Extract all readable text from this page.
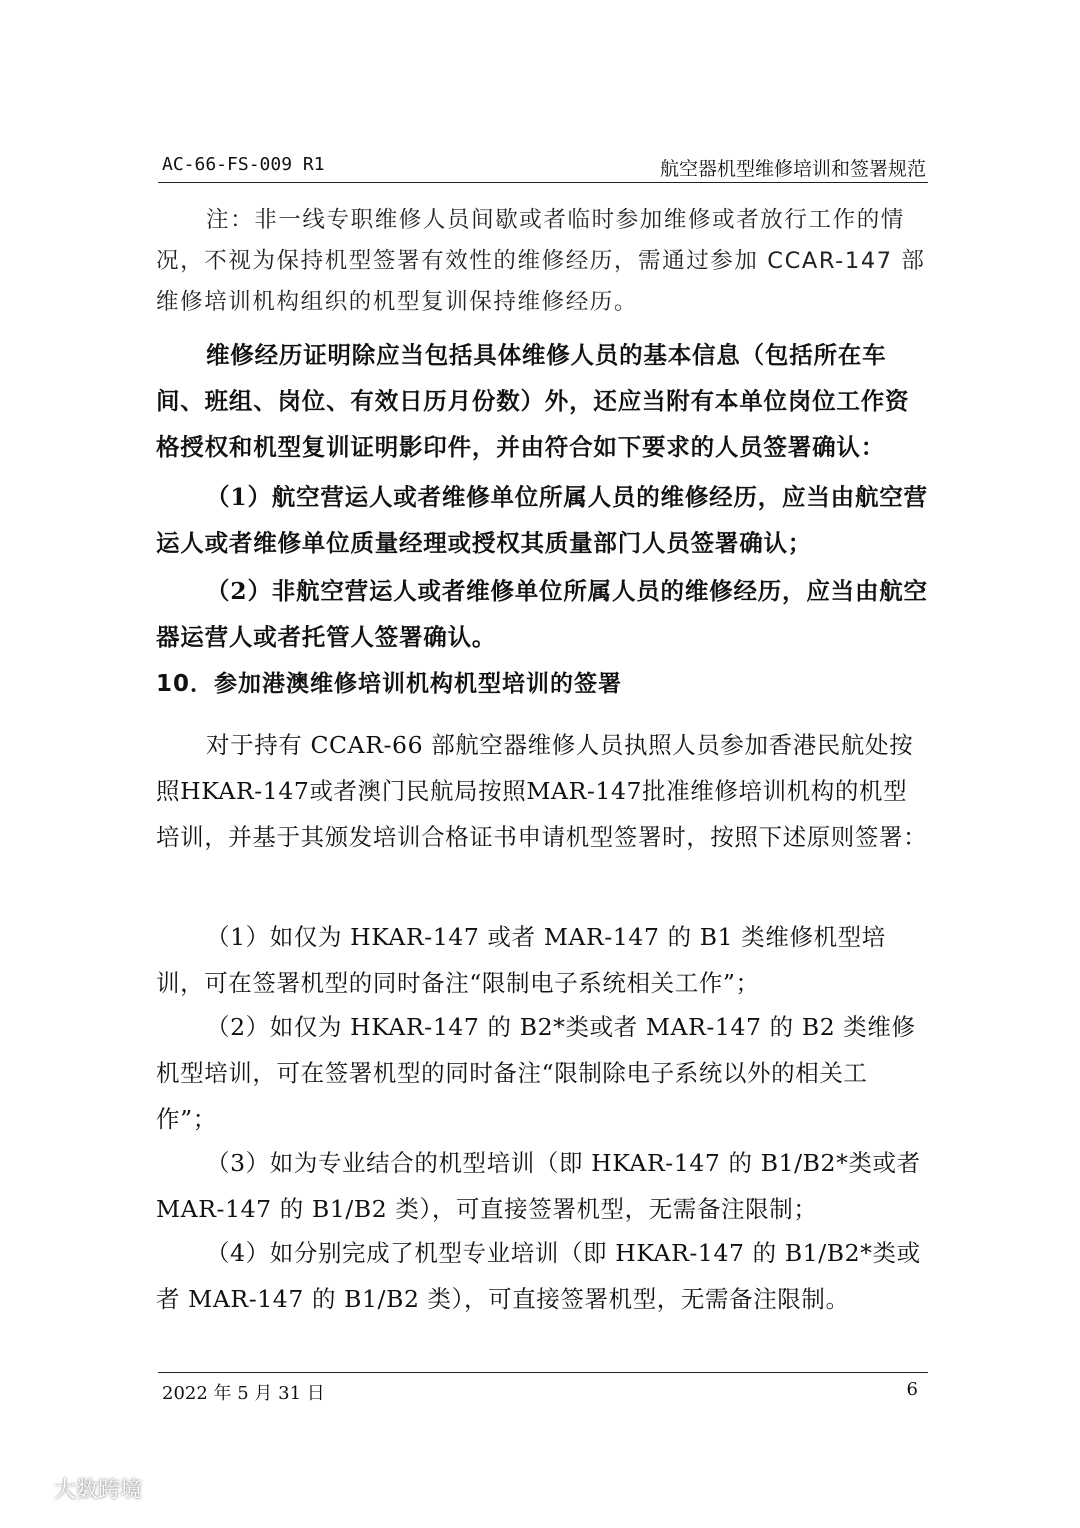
AC-66-FS-009 R1	航空器机型维修培训和签署规范

注：非一线专职维修人员间歇或者临时参加维修或者放行工作的情况，不视为保持机型签署有效性的维修经历，需通过参加 CCAR-147 部维修培训机构组织的机型复训保持维修经历。

维修经历证明除应当包括具体维修人员的基本信息（包括所在车间、班组、岗位、有效日历月份数）外，还应当附有本单位岗位工作资格授权和机型复训证明影印件，并由符合如下要求的人员签署确认：

（1）航空营运人或者维修单位所属人员的维修经历，应当由航空营运人或者维修单位质量经理或授权其质量部门人员签署确认；

（2）非航空营运人或者维修单位所属人员的维修经历，应当由航空器运营人或者托管人签署确认。

10．参加港澳维修培训机构机型培训的签署

对于持有 CCAR-66 部航空器维修人员执照人员参加香港民航处按照HKAR-147或者澳门民航局按照MAR-147批准维修培训机构的机型培训，并基于其颁发培训合格证书申请机型签署时，按照下述原则签署：

（1）如仅为 HKAR-147 或者 MAR-147 的 B1 类维修机型培训，可在签署机型的同时备注“限制电子系统相关工作”；

（2）如仅为 HKAR-147 的 B2*类或者 MAR-147 的 B2 类维修机型培训，可在签署机型的同时备注“限制除电子系统以外的相关工作”；

（3）如为专业结合的机型培训（即 HKAR-147 的 B1/B2*类或者 MAR-147 的 B1/B2 类），可直接签署机型，无需备注限制；

（4）如分别完成了机型专业培训（即 HKAR-147 的 B1/B2*类或者 MAR-147 的 B1/B2 类），可直接签署机型，无需备注限制。

2022 年 5 月 31 日	6
大数跨境
